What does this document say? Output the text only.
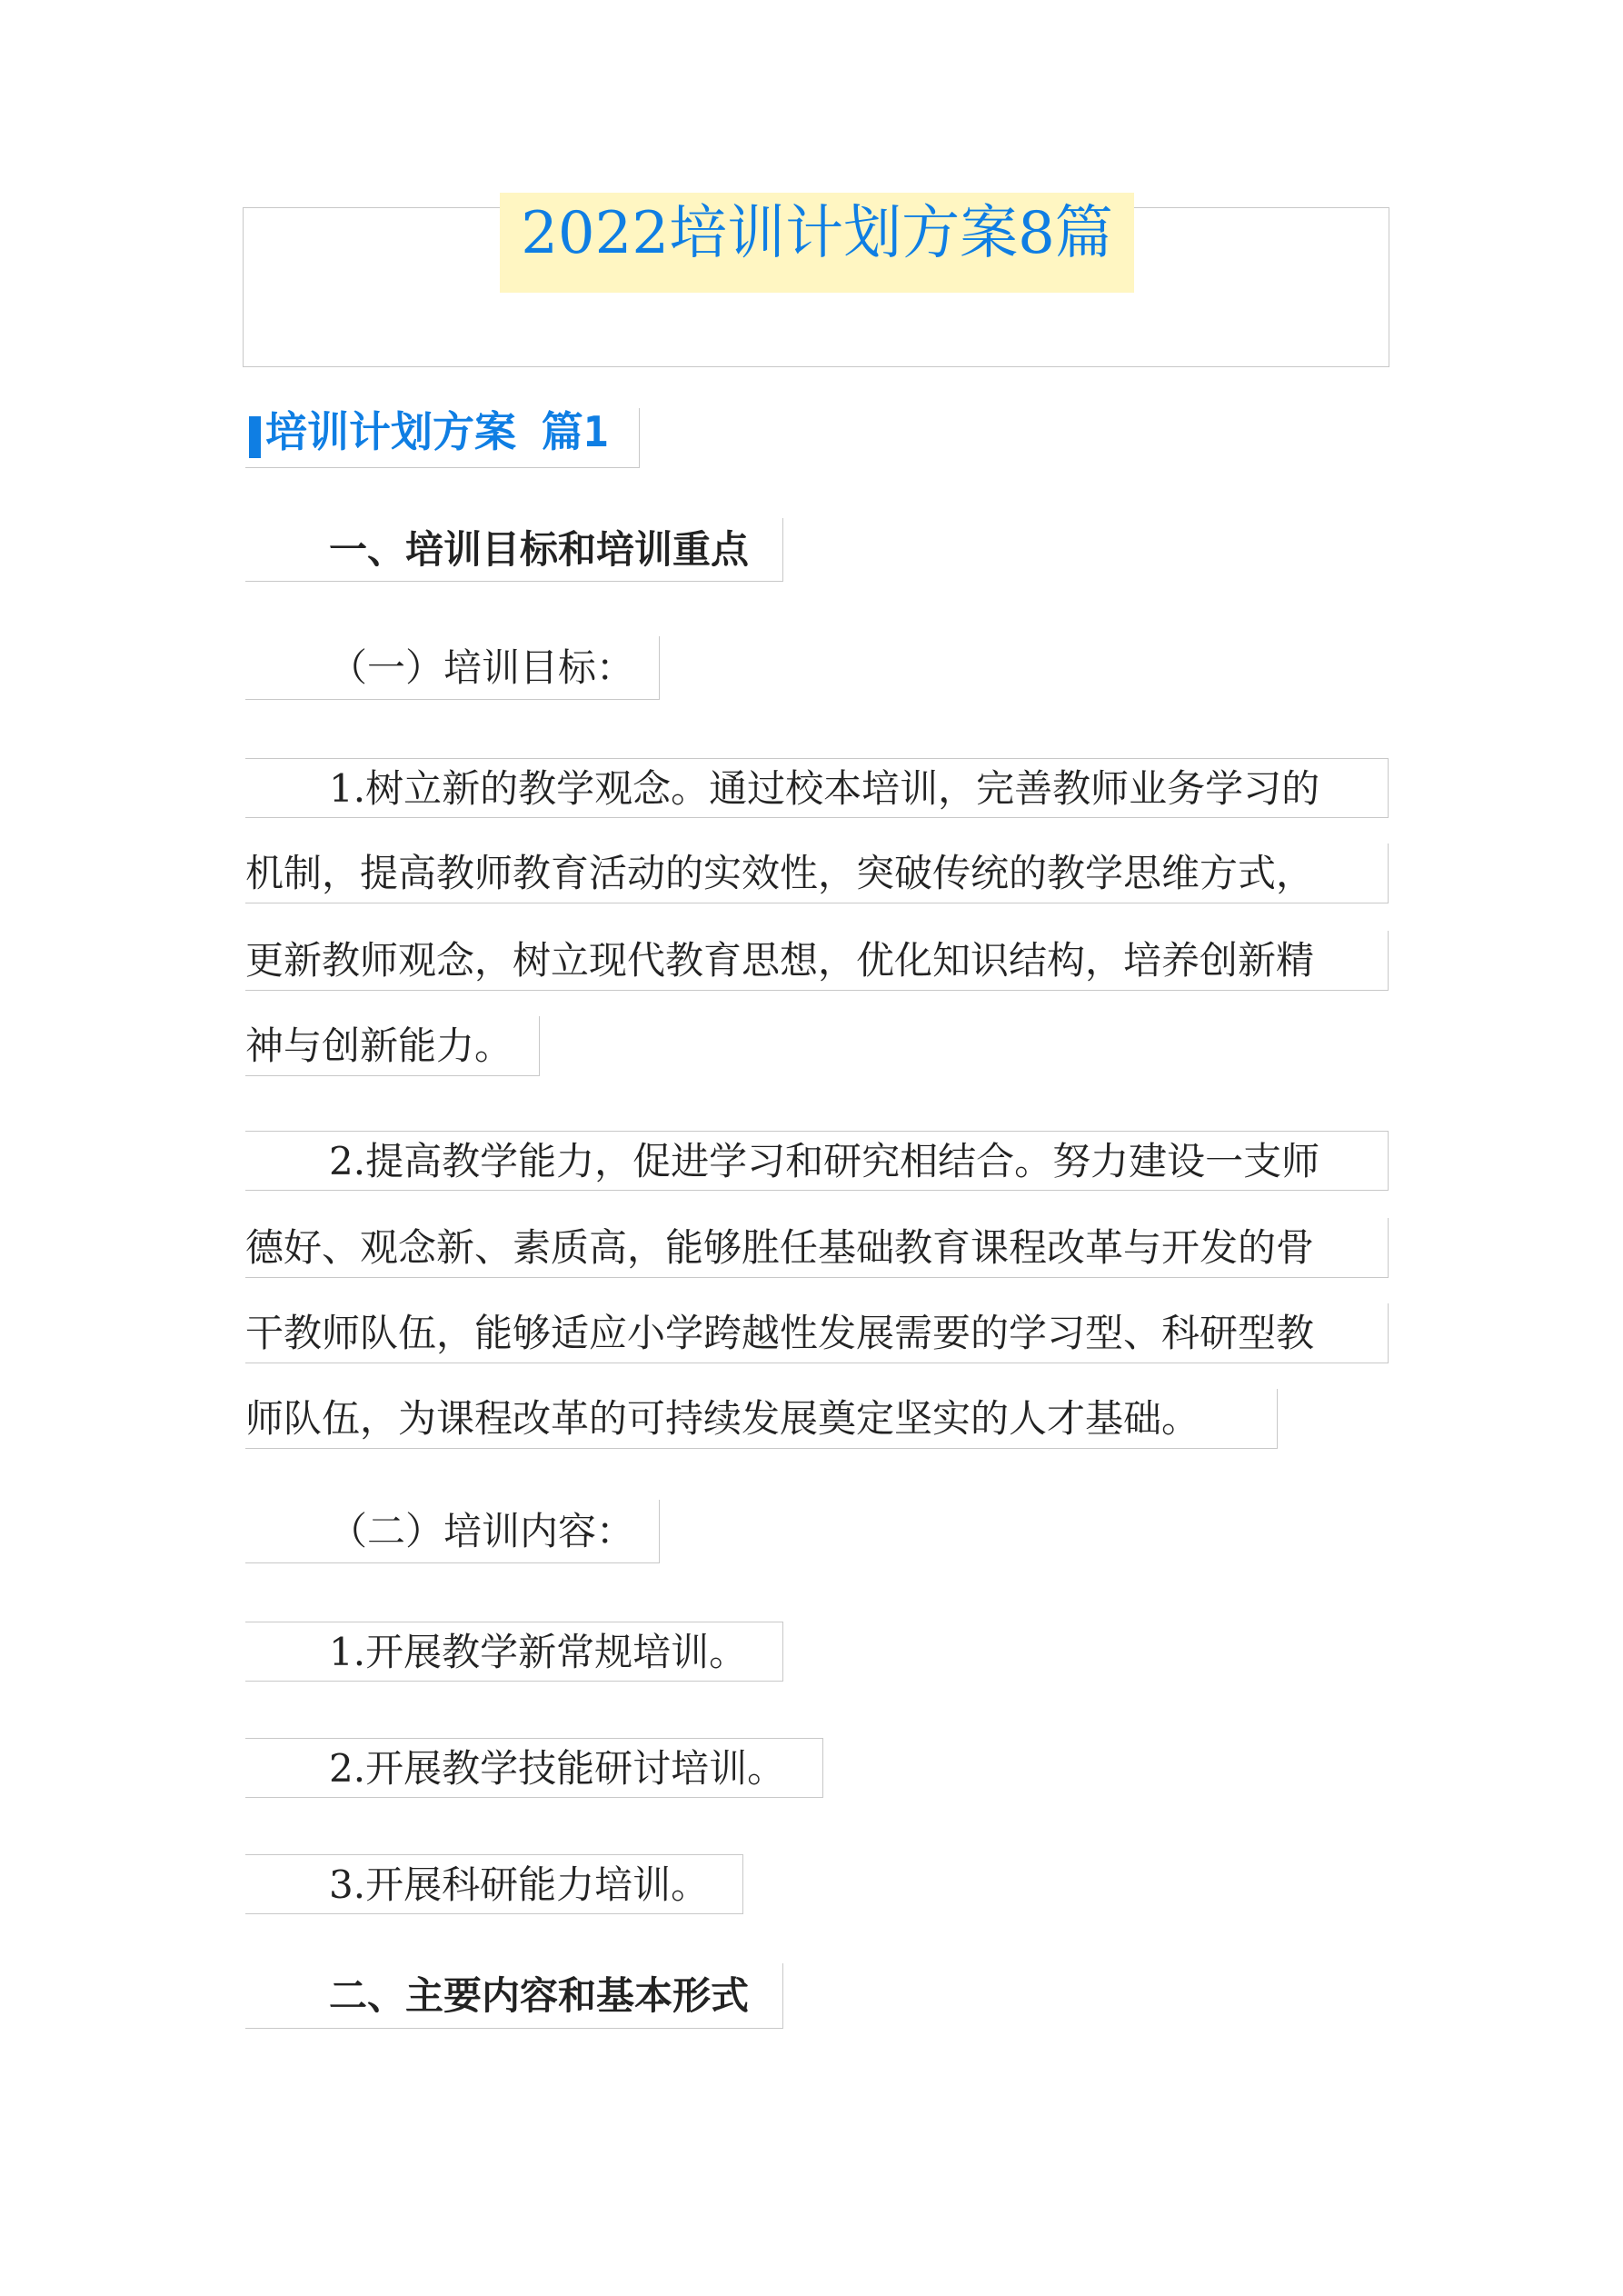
2022培训计划方案8篇
培训计划方案 篇1
一、培训目标和培训重点
（一）培训目标：
1.树立新的教学观念。通过校本培训，完善教师业务学习的
机制，提高教师教育活动的实效性，突破传统的教学思维方式，
更新教师观念，树立现代教育思想，优化知识结构，培养创新精
神与创新能力。
2.提高教学能力，促进学习和研究相结合。努力建设一支师
德好、观念新、素质高，能够胜任基础教育课程改革与开发的骨
干教师队伍，能够适应小学跨越性发展需要的学习型、科研型教
师队伍，为课程改革的可持续发展奠定坚实的人才基础。
（二）培训内容：
1.开展教学新常规培训。
2.开展教学技能研讨培训。
3.开展科研能力培训。
二、主要内容和基本形式
